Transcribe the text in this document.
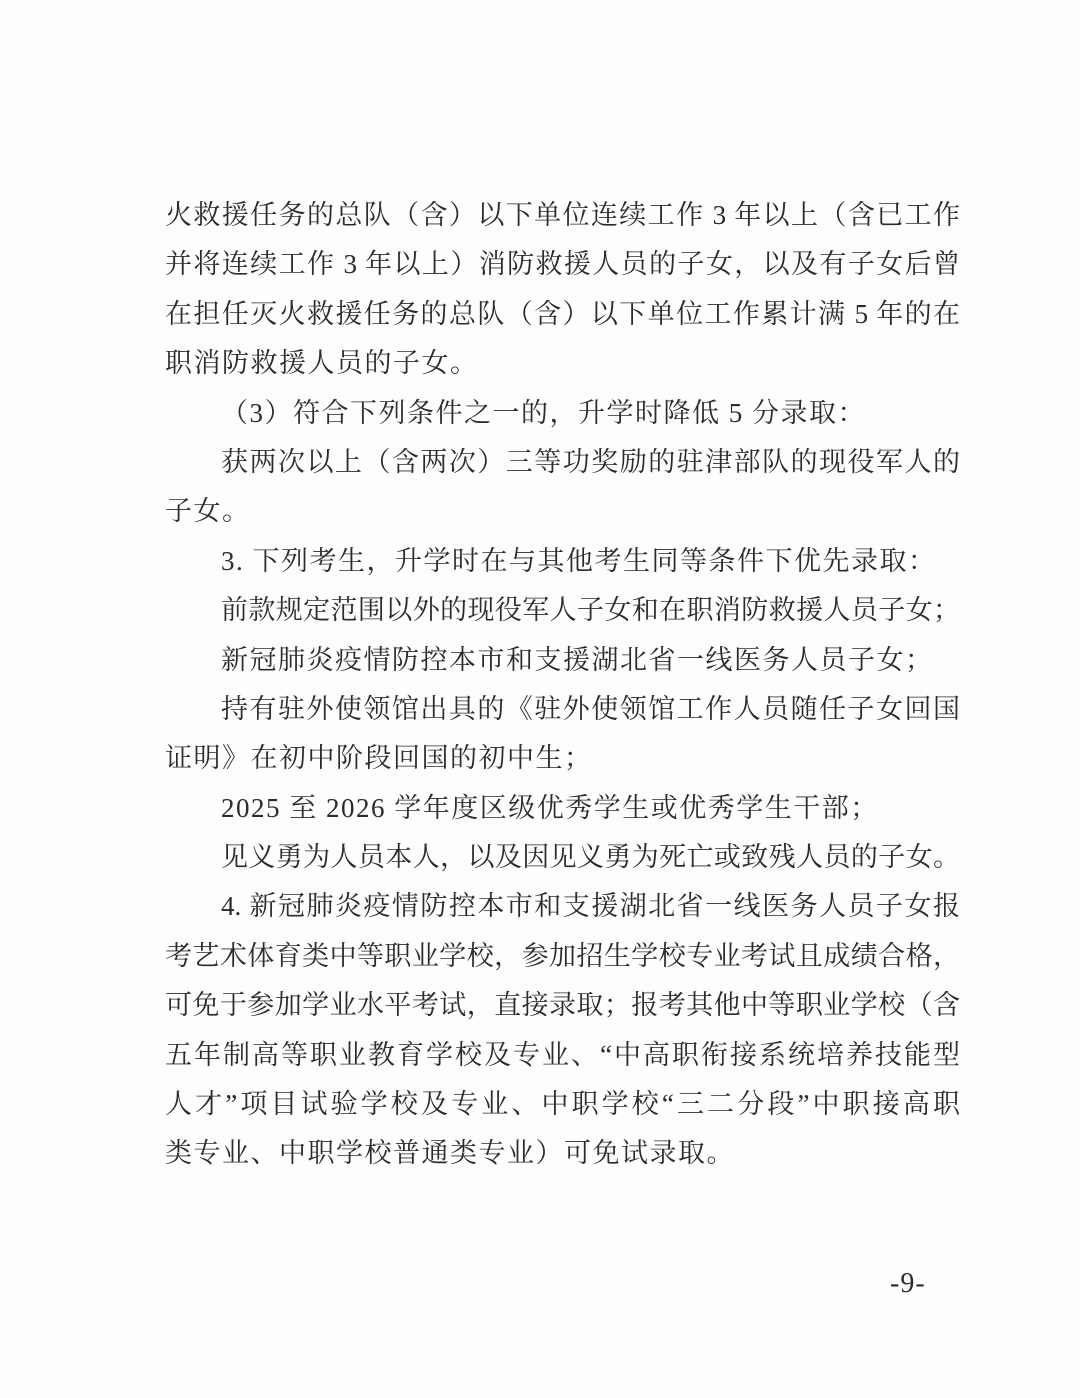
火救援任务的总队（含）以下单位连续工作 3 年以上（含已工作
并将连续工作 3 年以上）消防救援人员的子女，以及有子女后曾
在担任灭火救援任务的总队（含）以下单位工作累计满 5 年的在
职消防救援人员的子女。
（3）符合下列条件之一的，升学时降低 5 分录取：
获两次以上（含两次）三等功奖励的驻津部队的现役军人的
子女。
3. 下列考生，升学时在与其他考生同等条件下优先录取：
前款规定范围以外的现役军人子女和在职消防救援人员子女；
新冠肺炎疫情防控本市和支援湖北省一线医务人员子女；
持有驻外使领馆出具的《驻外使领馆工作人员随任子女回国
证明》在初中阶段回国的初中生；
2025 至 2026 学年度区级优秀学生或优秀学生干部；
见义勇为人员本人，以及因见义勇为死亡或致残人员的子女。
4. 新冠肺炎疫情防控本市和支援湖北省一线医务人员子女报
考艺术体育类中等职业学校，参加招生学校专业考试且成绩合格，
可免于参加学业水平考试，直接录取；报考其他中等职业学校（含
五年制高等职业教育学校及专业、“中高职衔接系统培养技能型
人才”项目试验学校及专业、中职学校“三二分段”中职接高职
类专业、中职学校普通类专业）可免试录取。
-9-
